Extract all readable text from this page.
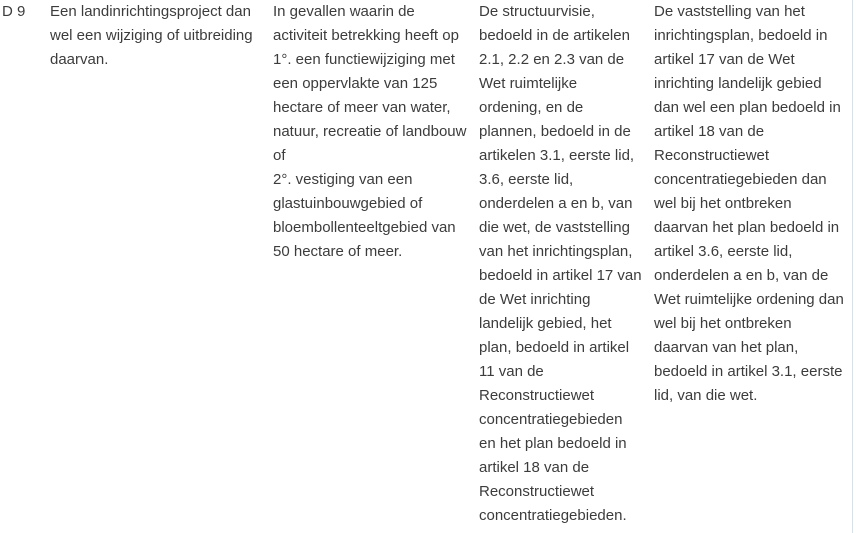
D 9	Een landinrichtingsproject dan wel een wijziging of uitbreiding daarvan.
In gevallen waarin de activiteit betrekking heeft op 1°. een functiewijziging met een oppervlakte van 125 hectare of meer van water, natuur, recreatie of landbouw of
2°. vestiging van een glastuinbouwgebied of bloembollenteeltgebied van 50 hectare of meer.
De structuurvisie, bedoeld in de artikelen 2.1, 2.2 en 2.3 van de Wet ruimtelijke ordening, en de plannen, bedoeld in de artikelen 3.1, eerste lid, 3.6, eerste lid, onderdelen a en b, van die wet, de vaststelling van het inrichtingsplan, bedoeld in artikel 17 van de Wet inrichting landelijk gebied, het plan, bedoeld in artikel 11 van de Reconstructiewet concentratiegebieden en het plan bedoeld in artikel 18 van de Reconstructiewet concentratiegebieden.
De vaststelling van het inrichtingsplan, bedoeld in artikel 17 van de Wet inrichting landelijk gebied dan wel een plan bedoeld in artikel 18 van de Reconstructiewet concentratiegebieden dan wel bij het ontbreken daarvan het plan bedoeld in artikel 3.6, eerste lid, onderdelen a en b, van de Wet ruimtelijke ordening dan wel bij het ontbreken daarvan van het plan, bedoeld in artikel 3.1, eerste lid, van die wet.
